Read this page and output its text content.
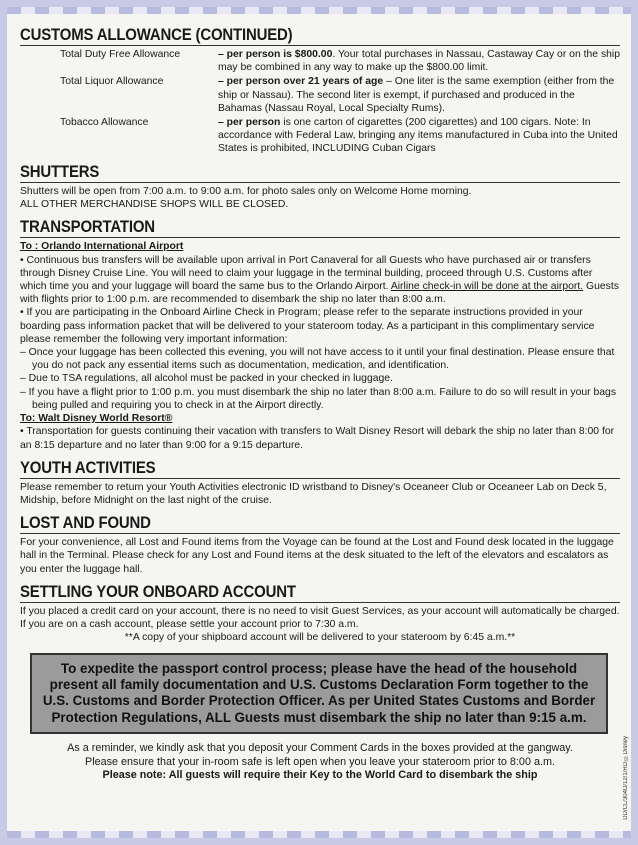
CUSTOMS ALLOWANCE (CONTINUED)
Total Duty Free Allowance	– per person is $800.00. Your total purchases in Nassau, Castaway Cay or on the ship may be combined in any way to make up the $800.00 limit.
Total Liquor Allowance	– per person over 21 years of age – One liter is the same exemption (either from the ship or Nassau). The second liter is exempt, if purchased and produced in the Bahamas (Nassau Royal, Local Specialty Rums).
Tobacco Allowance	– per person is one carton of cigarettes (200 cigarettes) and 100 cigars. Note: In accordance with Federal Law, bringing any items manufactured in Cuba into the United States is prohibited, INCLUDING Cuban Cigars
SHUTTERS

Shutters will be open from 7:00 a.m. to 9:00 a.m. for photo sales only on Welcome Home morning.

ALL OTHER MERCHANDISE SHOPS WILL BE CLOSED.

TRANSPORTATION
To : Orlando International Airport

• Continuous bus transfers will be available upon arrival in Port Canaveral for all Guests who have purchased air or transfers through Disney Cruise Line. You will need to claim your luggage in the terminal building, proceed through U.S. Customs after which time you and your luggage will board the same bus to the Orlando Airport. Airline check-in will be done at the airport. Guests with flights prior to 1:00 p.m. are recommended to disembark the ship no later than 8:00 a.m.

• If you are participating in the Onboard Airline Check in Program; please refer to the separate instructions provided in your boarding pass information packet that will be delivered to your stateroom today. As a participant in this complimentary service please remember the following very important information:

– Once your luggage has been collected this evening, you will not have access to it until your final destination. Please ensure that you do not pack any essential items such as documentation, medication, and identification.

– Due to TSA regulations, all alcohol must be packed in your checked in luggage.

– If you have a flight prior to 1:00 p.m. you must disembark the ship no later than 8:00 a.m. Failure to do so will result in your bags being pulled and requiring you to check in at the Airport directly.

To: Walt Disney World Resort®

• Transportation for guests continuing their vacation with transfers to Walt Disney Resort will debark the ship no later than 8:00 for an 8:15 departure and no later than 9:00 for a 9:15 departure.

YOUTH ACTIVITIES

Please remember to return your Youth Activities electronic ID wristband to Disney's Oceaneer Club or Oceaneer Lab on Deck 5, Midship, before Midnight on the last night of the cruise.

LOST AND FOUND

For your convenience, all Lost and Found items from the Voyage can be found at the Lost and Found desk located in the luggage hall in the Terminal. Please check for any Lost and Found items at the desk situated to the left of the elevators and escalators as you enter the luggage hall.

SETTLING YOUR ONBOARD ACCOUNT

If you placed a credit card on your account, there is no need to visit Guest Services, as your account will automatically be charged. If you are on a cash account, please settle your account prior to 7:30 a.m.

**A copy of your shipboard account will be delivered to your stateroom by 6:45 a.m.**

To expedite the passport control process; please have the head of the household present all family documentation and U.S. Customs Declaration Form together to the U.S. Customs and Border Protection Officer. As per United States Customs and Border Protection Regulations, ALL Guests must disembark the ship no later than 9:15 a.m.

As a reminder, we kindly ask that you deposit your Comment Cards in the boxes provided at the gangway.

Please ensure that your in-room safe is left open when you leave your stateroom prior to 8:00 a.m.

Please note: All guests will require their Key to the World Card to disembark the ship	DD/CL/304D/12/1/RD ©Disney
